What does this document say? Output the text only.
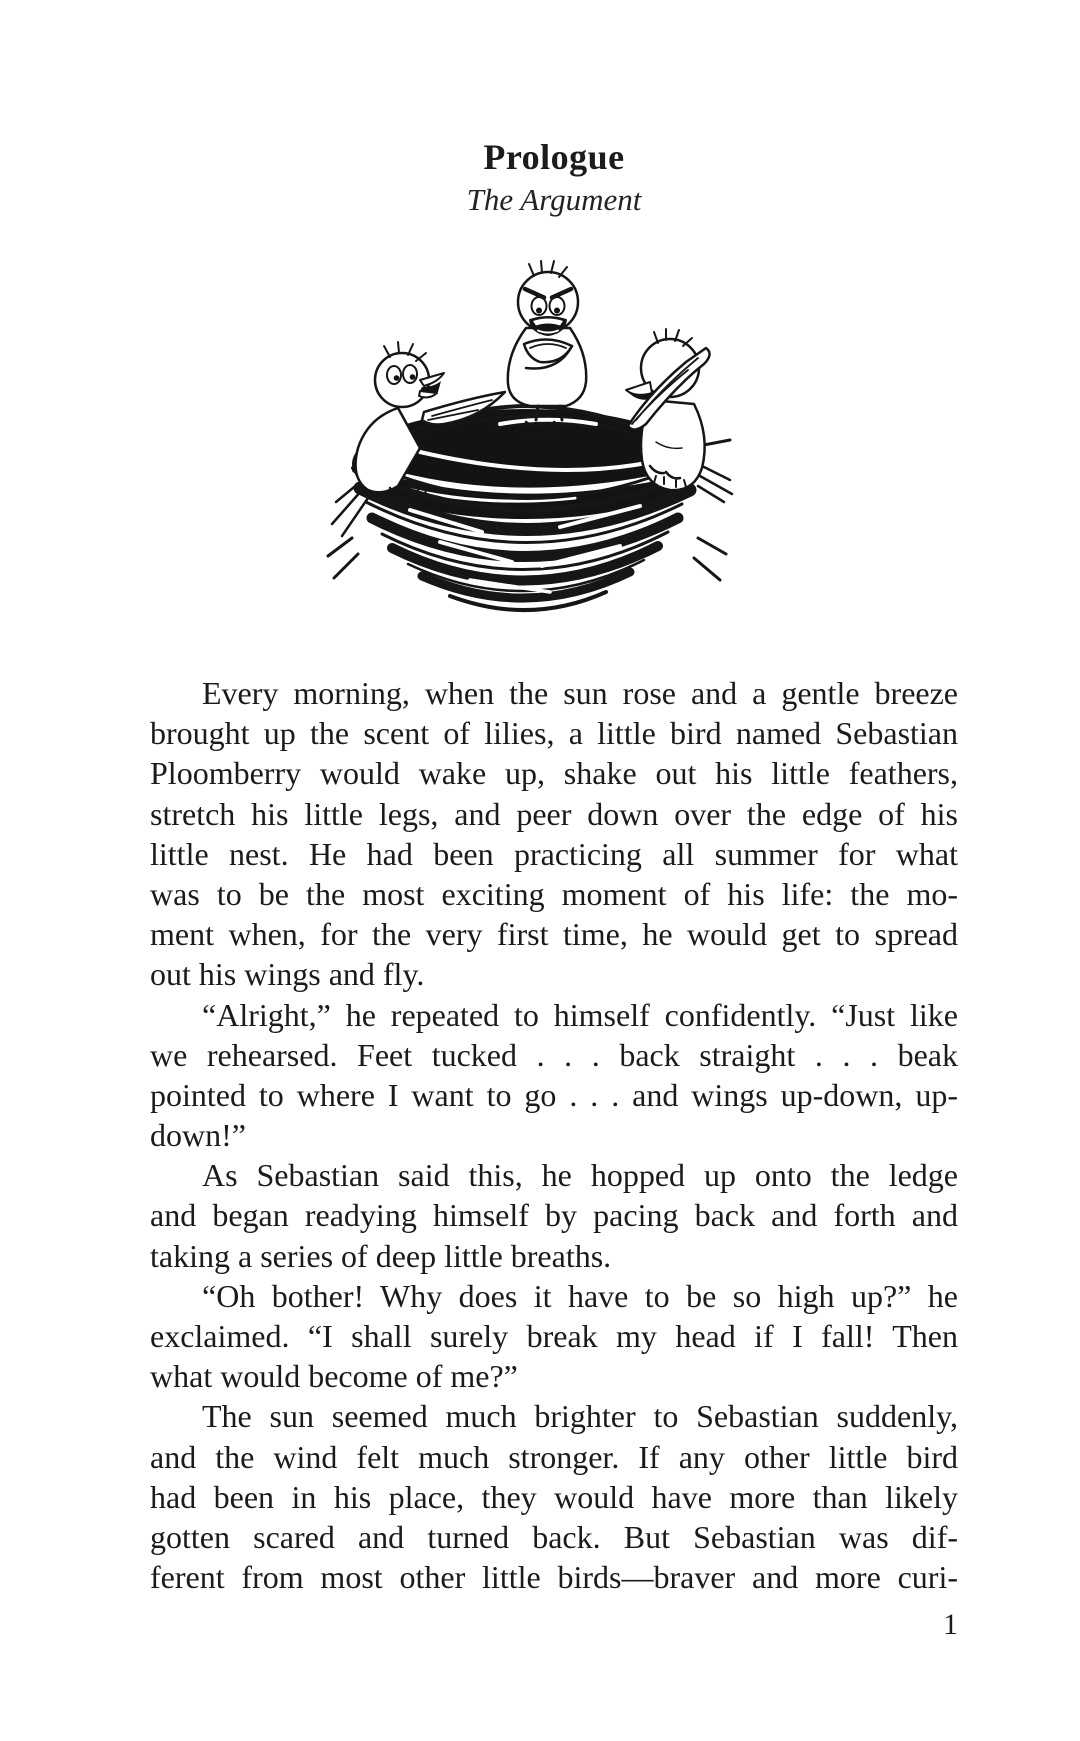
Prologue
The Argument
Every morning, when the sun rose and a gentle breeze
brought up the scent of lilies, a little bird named Sebastian
Ploomberry would wake up, shake out his little feathers,
stretch his little legs, and peer down over the edge of his
little nest. He had been practicing all summer for what
was to be the most exciting moment of his life: the mo-
ment when, for the very first time, he would get to spread
out his wings and fly.
“Alright,” he repeated to himself confidently. “Just like
we rehearsed. Feet tucked . . . back straight . . . beak
pointed to where I want to go . . . and wings up-down, up-
down!”
As Sebastian said this, he hopped up onto the ledge
and began readying himself by pacing back and forth and
taking a series of deep little breaths.
“Oh bother! Why does it have to be so high up?” he
exclaimed. “I shall surely break my head if I fall! Then
what would become of me?”
The sun seemed much brighter to Sebastian suddenly,
and the wind felt much stronger. If any other little bird
had been in his place, they would have more than likely
gotten scared and turned back. But Sebastian was dif-
ferent from most other little birds—braver and more curi-
1
